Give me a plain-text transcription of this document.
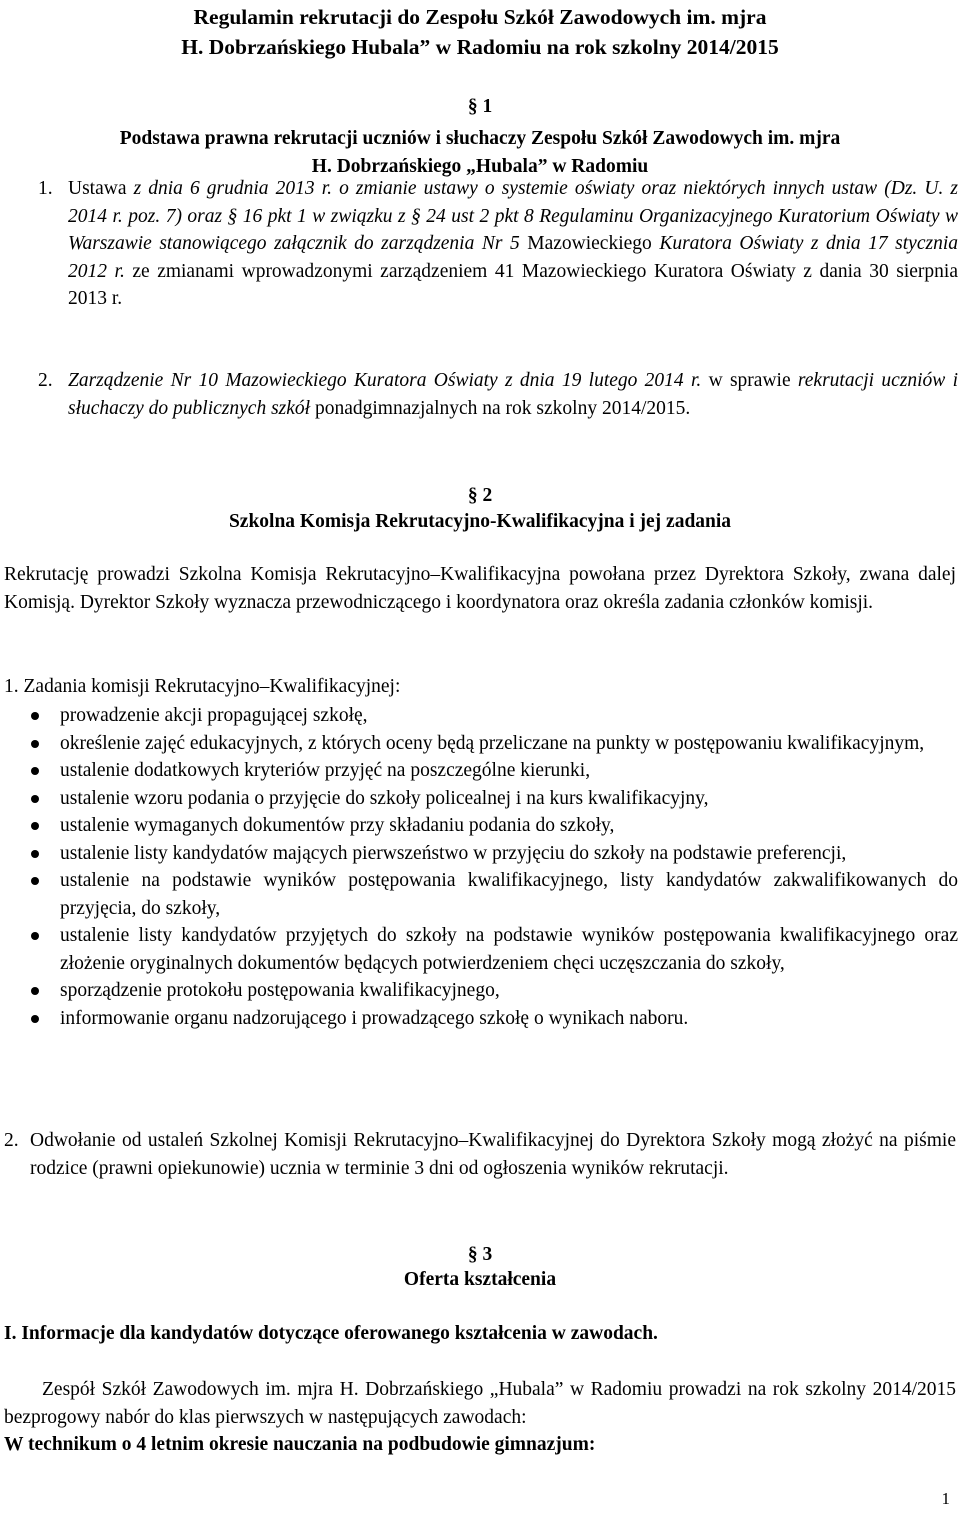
Regulamin rekrutacji do Zespołu Szkół Zawodowych im. mjra
H. Dobrzańskiego Hubala” w Radomiu na rok szkolny 2014/2015
§ 1
Podstawa prawna rekrutacji uczniów i słuchaczy Zespołu Szkół Zawodowych im. mjra
H. Dobrzańskiego „Hubala” w Radomiu
1. Ustawa z dnia 6 grudnia 2013 r. o zmianie ustawy o systemie oświaty oraz niektórych innych ustaw (Dz. U. z 2014 r. poz. 7) oraz § 16 pkt 1 w związku z § 24 ust 2 pkt 8 Regulaminu Organizacyjnego Kuratorium Oświaty w Warszawie stanowiącego załącznik do zarządzenia Nr 5 Mazowieckiego Kuratora Oświaty z dnia 17 stycznia 2012 r. ze zmianami wprowadzonymi zarządzeniem 41 Mazowieckiego Kuratora Oświaty z dania 30 sierpnia 2013 r.
2. Zarządzenie Nr 10 Mazowieckiego Kuratora Oświaty z dnia 19 lutego 2014 r. w sprawie rekrutacji uczniów i słuchaczy do publicznych szkół ponadgimnazjalnych na rok szkolny 2014/2015.
§ 2
Szkolna Komisja Rekrutacyjno-Kwalifikacyjna i jej zadania
Rekrutację prowadzi Szkolna Komisja Rekrutacyjno–Kwalifikacyjna powołana przez Dyrektora Szkoły, zwana dalej Komisją. Dyrektor Szkoły wyznacza przewodniczącego i koordynatora oraz określa zadania członków komisji.
1. Zadania komisji Rekrutacyjno–Kwalifikacyjnej:
prowadzenie akcji propagującej szkołę,
określenie zajęć edukacyjnych, z których oceny będą przeliczane na punkty w postępowaniu kwalifikacyjnym,
ustalenie dodatkowych kryteriów przyjęć na poszczególne kierunki,
ustalenie wzoru podania o przyjęcie do szkoły policealnej i na kurs kwalifikacyjny,
ustalenie wymaganych dokumentów przy składaniu podania do szkoły,
ustalenie listy kandydatów mających pierwszeństwo w przyjęciu do szkoły na podstawie preferencji,
ustalenie na podstawie wyników postępowania kwalifikacyjnego, listy kandydatów zakwalifikowanych do przyjęcia, do szkoły,
ustalenie listy kandydatów przyjętych do szkoły na podstawie wyników postępowania kwalifikacyjnego oraz złożenie oryginalnych dokumentów będących potwierdzeniem chęci uczęszczania do szkoły,
sporządzenie protokołu postępowania kwalifikacyjnego,
informowanie organu nadzorującego i prowadzącego szkołę o wynikach naboru.
2. Odwołanie od ustaleń Szkolnej Komisji Rekrutacyjno–Kwalifikacyjnej do Dyrektora Szkoły mogą złożyć na piśmie rodzice (prawni opiekunowie) ucznia w terminie 3 dni od ogłoszenia wyników rekrutacji.
§ 3
Oferta kształcenia
I. Informacje dla kandydatów dotyczące oferowanego kształcenia w zawodach.
Zespół Szkół Zawodowych im. mjra H. Dobrzańskiego „Hubala” w Radomiu prowadzi na rok szkolny 2014/2015 bezprogowy nabór do klas pierwszych w następujących zawodach:
W technikum o 4 letnim okresie nauczania na podbudowie gimnazjum:
1
